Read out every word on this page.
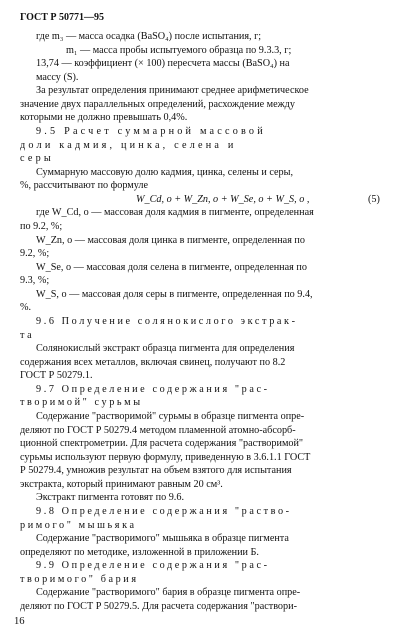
ГОСТ Р 50771—95
где m₃ — масса осадка (BaSO₄) после испытания, г;
m₁ — масса пробы испытуемого образца по 9.3.3, г;
13,74 — коэффициент (× 100) пересчета массы (BaSO₄) на
массу (S).
За результат определения принимают среднее арифметическое
значение двух параллельных определений, расхождение между
которыми не должно превышать 0,4%.
9.5 Расчет суммарной массовой
доли кадмия, цинка, селена и
серы
Суммарную массовую долю кадмия, цинка, селены и серы,
%, рассчитывают по формуле
W_Cd, о + W_Zn, о + W_Se, о + W_S, о ,	(5)
где W_Cd, о — массовая доля кадмия в пигменте, определенная
по 9.2, %;
W_Zn, о — массовая доля цинка в пигменте, определенная по
9.2, %;
W_Se, о — массовая доля селена в пигменте, определенная по
9.3, %;
W_S, о — массовая доля серы в пигменте, определенная по 9.4,
%.
9.6 Получение солянокислого экстрак-
та
Солянокислый экстракт образца пигмента для определения
содержания всех металлов, включая свинец, получают по 8.2
ГОСТ Р 50279.1.
9.7 Определение содержания "рас-
творимой" сурьмы
Содержание "растворимой" сурьмы в образце пигмента опре-
деляют по ГОСТ Р 50279.4 методом пламенной атомно-абсорб-
ционной спектрометрии. Для расчета содержания "растворимой"
сурьмы используют первую формулу, приведенную в 3.6.1.1 ГОСТ
Р 50279.4, умножив результат на объем взятого для испытания
экстракта, который принимают равным 20 см³.
Экстракт пигмента готовят по 9.6.
9.8 Определение содержания "раство-
римого" мышьяка
Содержание "растворимого" мышьяка в образце пигмента
определяют по методике, изложенной в приложении Б.
9.9 Определение содержания "рас-
творимого" бария
Содержание "растворимого" бария в образце пигмента опре-
деляют по ГОСТ Р 50279.5. Для расчета содержания "раствори-
16
